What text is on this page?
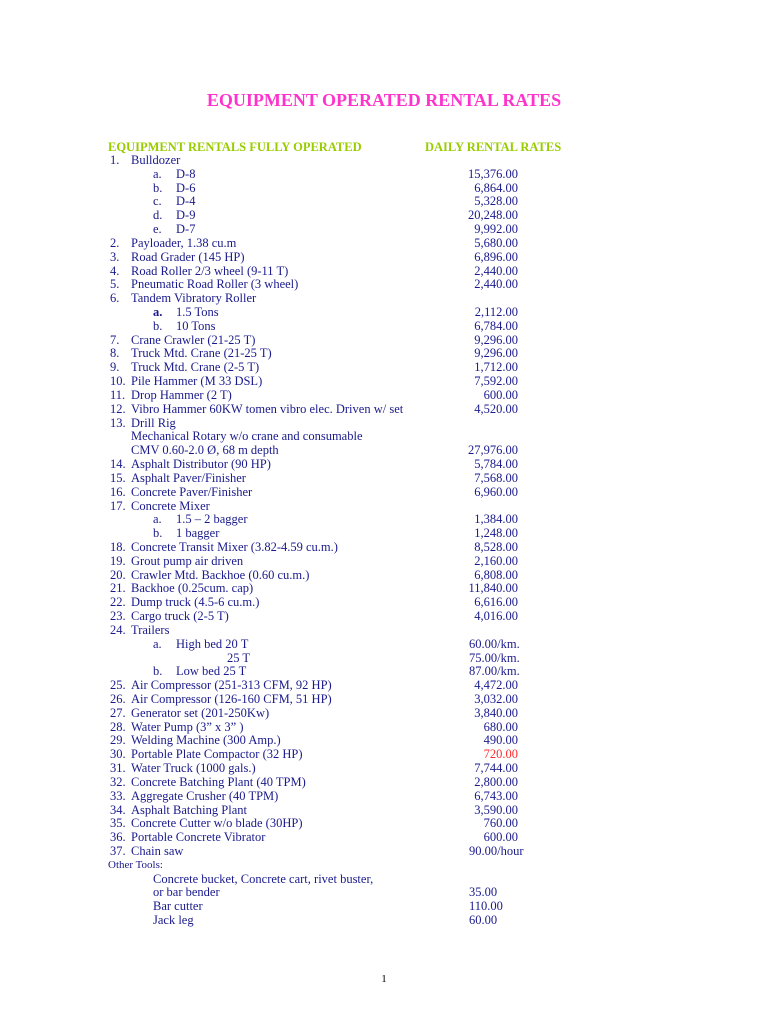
EQUIPMENT OPERATED RENTAL RATES
EQUIPMENT RENTALS FULLY OPERATED	DAILY RENTAL RATES
1. Bulldozer
a. D-8	15,376.00
b. D-6	6,864.00
c. D-4	5,328.00
d. D-9	20,248.00
e. D-7	9,992.00
2. Payloader, 1.38 cu.m	5,680.00
3. Road Grader (145 HP)	6,896.00
4. Road Roller 2/3 wheel (9-11 T)	2,440.00
5. Pneumatic Road Roller (3 wheel)	2,440.00
6. Tandem Vibratory Roller
a. 1.5 Tons	2,112.00
b. 10 Tons	6,784.00
7. Crane Crawler (21-25 T)	9,296.00
8. Truck Mtd. Crane (21-25 T)	9,296.00
9. Truck Mtd. Crane (2-5 T)	1,712.00
10. Pile Hammer (M 33 DSL)	7,592.00
11. Drop Hammer (2 T)	600.00
12. Vibro Hammer 60KW tomen vibro elec. Driven w/ set	4,520.00
13. Drill Rig
Mechanical Rotary w/o crane and consumable
CMV 0.60-2.0 Ø, 68 m depth	27,976.00
14. Asphalt Distributor (90 HP)	5,784.00
15. Asphalt Paver/Finisher	7,568.00
16. Concrete Paver/Finisher	6,960.00
17. Concrete Mixer
a. 1.5 – 2 bagger	1,384.00
b. 1 bagger	1,248.00
18. Concrete Transit Mixer (3.82-4.59 cu.m.)	8,528.00
19. Grout pump air driven	2,160.00
20. Crawler Mtd. Backhoe (0.60 cu.m.)	6,808.00
21. Backhoe (0.25cum. cap)	11,840.00
22. Dump truck (4.5-6 cu.m.)	6,616.00
23. Cargo truck (2-5 T)	4,016.00
24. Trailers
a. High bed 20 T	60.00/km.
25 T	75.00/km.
b. Low bed 25 T	87.00/km.
25. Air Compressor (251-313 CFM, 92 HP)	4,472.00
26. Air Compressor (126-160 CFM, 51 HP)	3,032.00
27. Generator set (201-250Kw)	3,840.00
28. Water Pump (3” x 3” )	680.00
29. Welding Machine (300 Amp.)	490.00
30. Portable Plate Compactor (32 HP)	720.00
31. Water Truck (1000 gals.)	7,744.00
32. Concrete Batching Plant (40 TPM)	2,800.00
33. Aggregate Crusher (40 TPM)	6,743.00
34. Asphalt Batching Plant	3,590.00
35. Concrete Cutter w/o blade (30HP)	760.00
36. Portable Concrete Vibrator	600.00
37. Chain saw	90.00/hour
Other Tools:
Concrete bucket, Concrete cart, rivet buster,
or bar bender	35.00
Bar cutter	110.00
Jack leg	60.00
1
